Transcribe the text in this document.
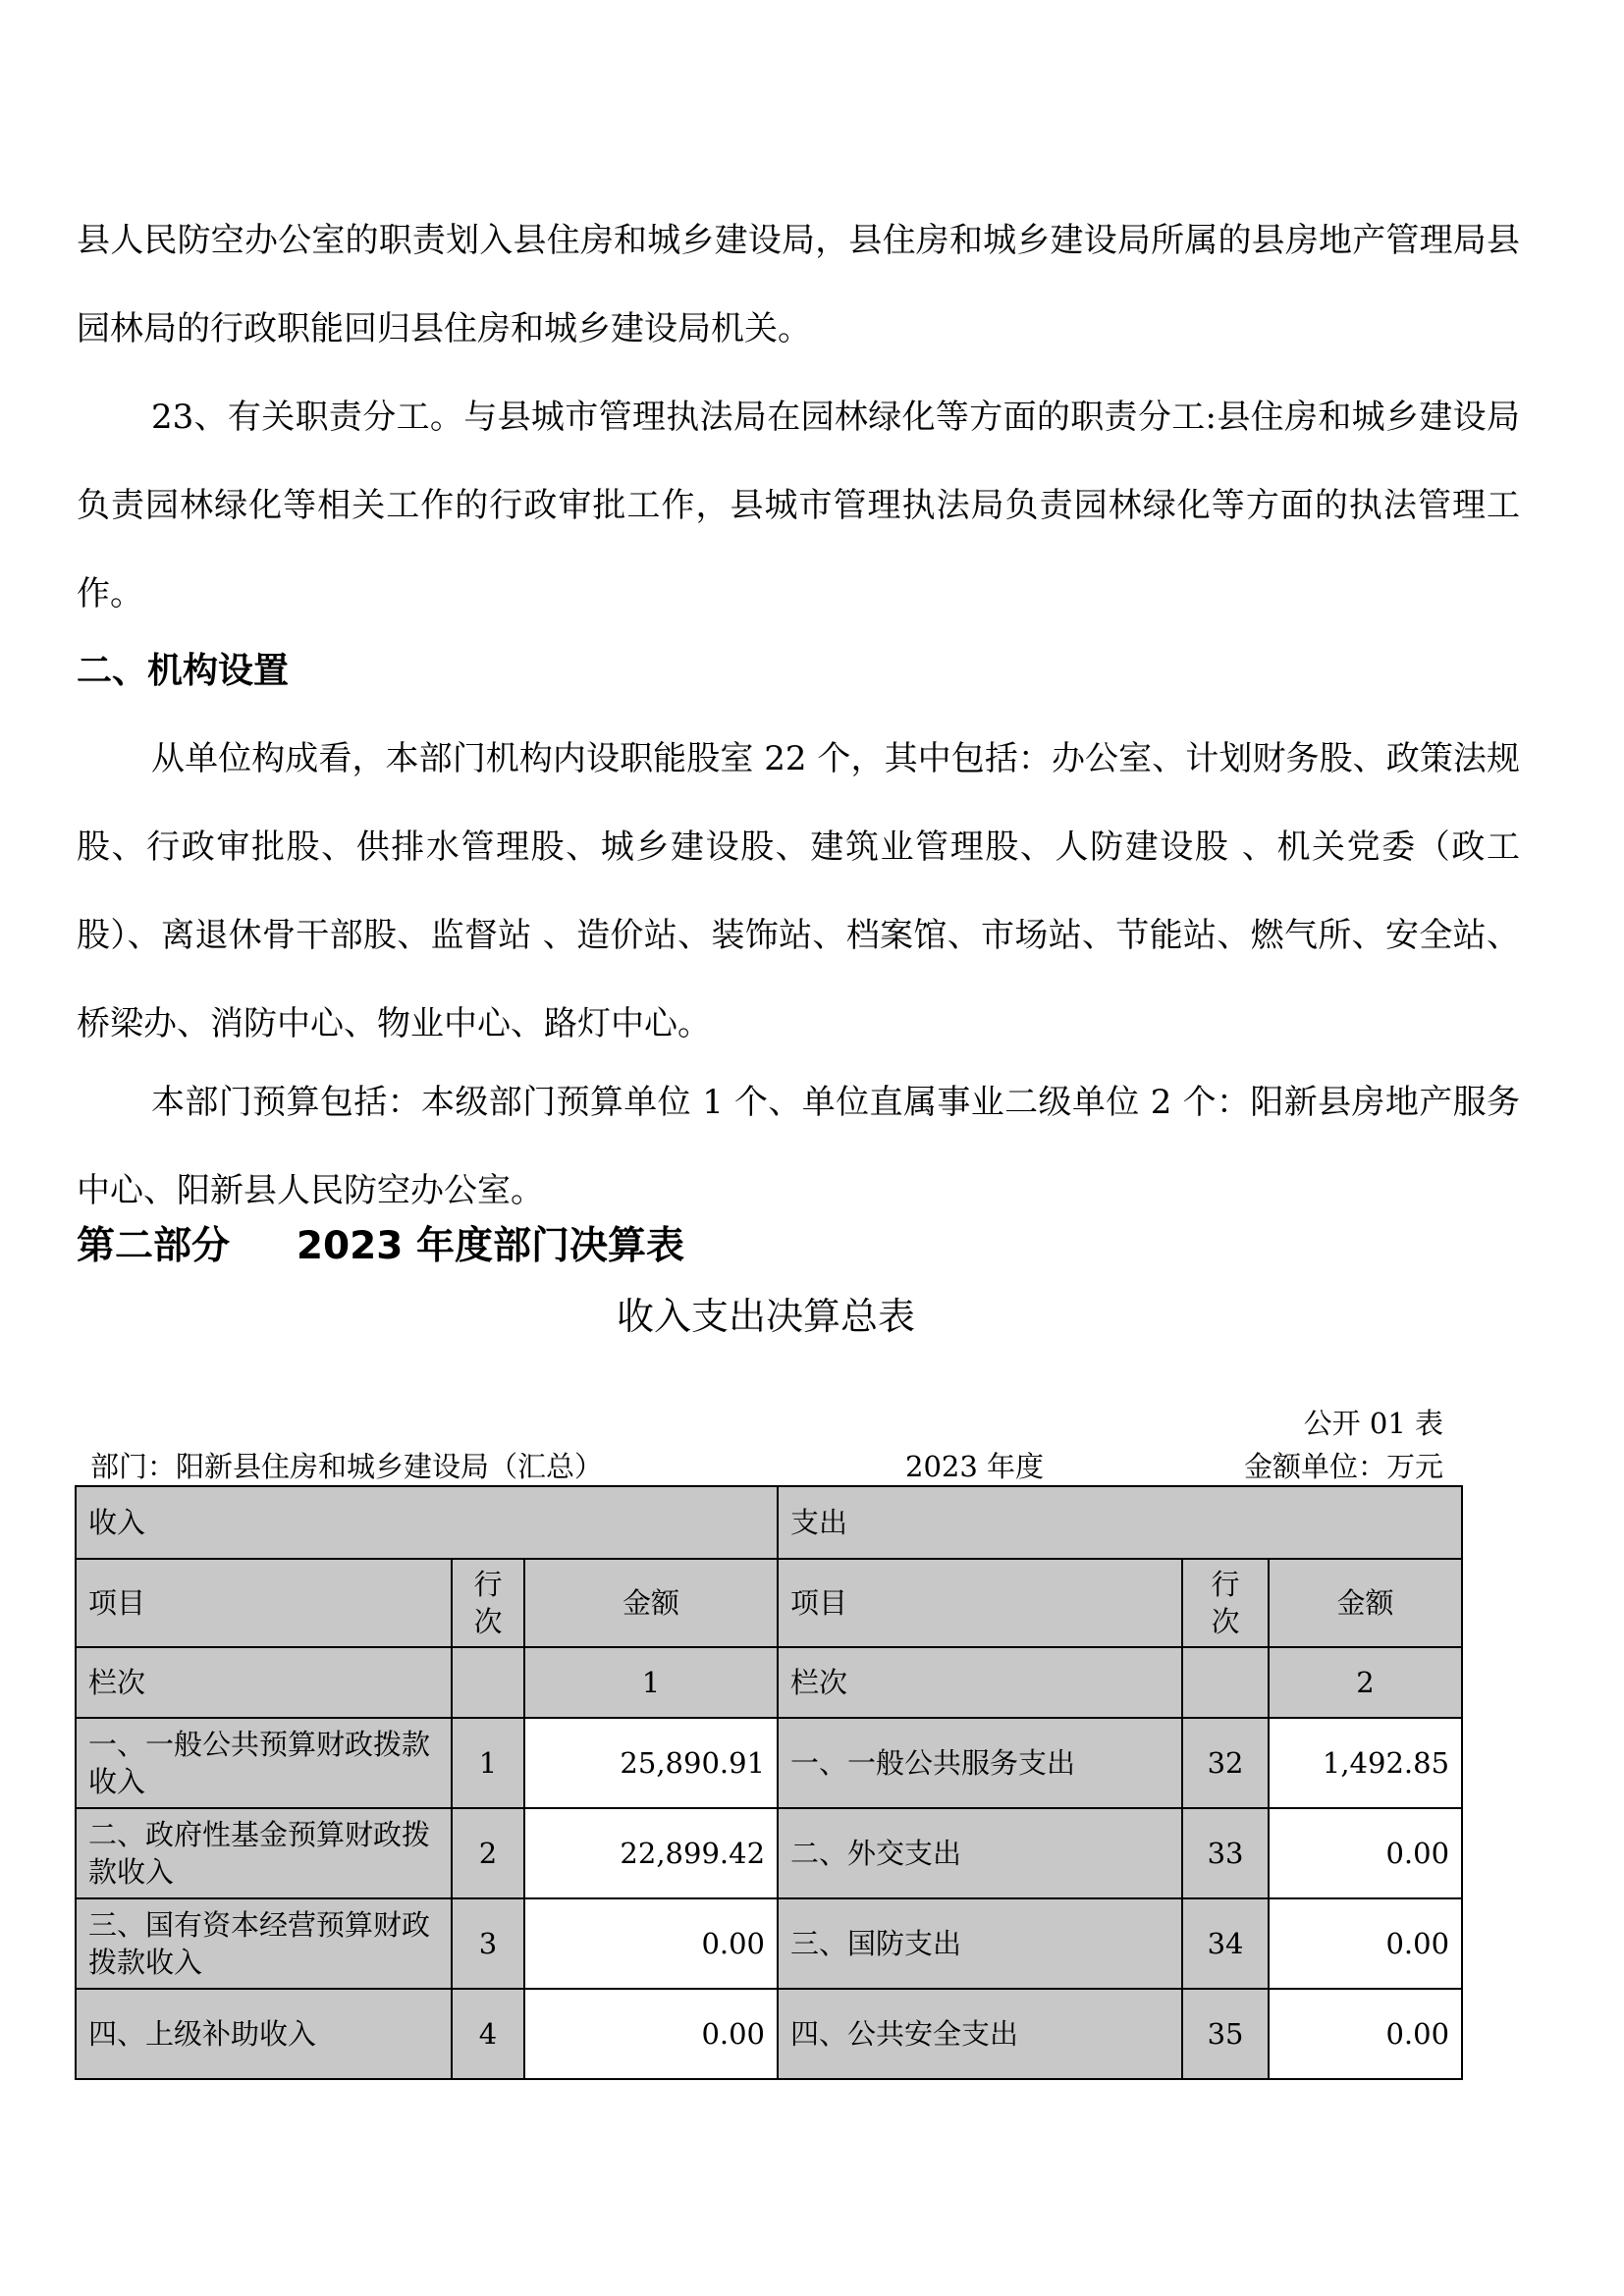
县人民防空办公室的职责划入县住房和城乡建设局，县住房和城乡建设局所属的县房地产管理局县园林局的行政职能回归县住房和城乡建设局机关。

23、有关职责分工。与县城市管理执法局在园林绿化等方面的职责分工:县住房和城乡建设局负责园林绿化等相关工作的行政审批工作，县城市管理执法局负责园林绿化等方面的执法管理工作。

二、机构设置

从单位构成看，本部门机构内设职能股室 22 个，其中包括：办公室、计划财务股、政策法规股、行政审批股、供排水管理股、城乡建设股、建筑业管理股、人防建设股 、机关党委（政工股）、离退休骨干部股、监督站 、造价站、装饰站、档案馆、市场站、节能站、燃气所、安全站、桥梁办、消防中心、物业中心、路灯中心。

本部门预算包括：本级部门预算单位 1 个、单位直属事业二级单位 2 个：阳新县房地产服务中心、阳新县人民防空办公室。

第二部分     2023 年度部门决算表
收入支出决算总表
公开 01 表
部门：阳新县住房和城乡建设局（汇总）	2023 年度	金额单位：万元
收入			支出		
项目	行次	金额	项目	行次	金额
栏次		1	栏次		2
一、一般公共预算财政拨款收入	1	25,890.91	一、一般公共服务支出	32	1,492.85
二、政府性基金预算财政拨款收入	2	22,899.42	二、外交支出	33	0.00
三、国有资本经营预算财政拨款收入	3	0.00	三、国防支出	34	0.00
四、上级补助收入	4	0.00	四、公共安全支出	35	0.00
